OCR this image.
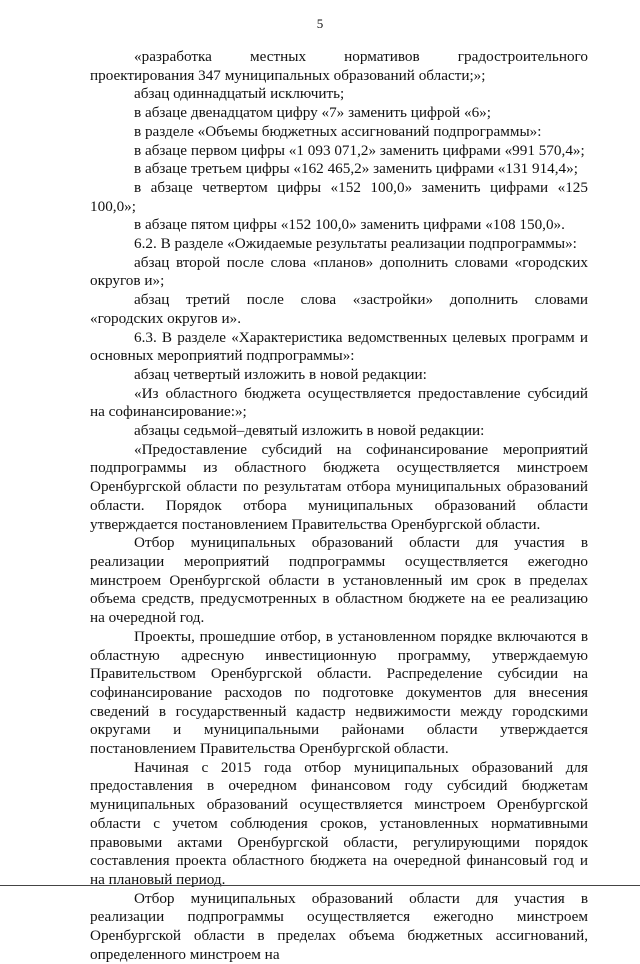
5

«разработка местных нормативов градостроительного проектирования 347 муниципальных образований области;»;

абзац одиннадцатый исключить;

в абзаце двенадцатом цифру «7» заменить цифрой «6»;

в разделе «Объемы бюджетных ассигнований подпрограммы»:

в абзаце первом цифры «1 093 071,2» заменить цифрами «991 570,4»;

в абзаце третьем цифры «162 465,2» заменить цифрами «131 914,4»;

в абзаце четвертом цифры «152 100,0» заменить цифрами «125 100,0»;

в абзаце пятом цифры «152 100,0» заменить цифрами «108 150,0».

6.2. В разделе «Ожидаемые результаты реализации подпрограммы»:

абзац второй после слова «планов» дополнить словами «городских округов и»;

абзац третий после слова «застройки» дополнить словами «городских округов и».

6.3. В разделе «Характеристика ведомственных целевых программ и основных мероприятий подпрограммы»:

абзац четвертый изложить в новой редакции:

«Из областного бюджета осуществляется предоставление субсидий на софинансирование:»;

абзацы седьмой–девятый изложить в новой редакции:

«Предоставление субсидий на софинансирование мероприятий подпрограммы из областного бюджета осуществляется минстроем Оренбургской области по результатам отбора муниципальных образований области. Порядок отбора муниципальных образований области утверждается постановлением Правительства Оренбургской области.

Отбор муниципальных образований области для участия в реализации мероприятий подпрограммы осуществляется ежегодно минстроем Оренбургской области в установленный им срок в пределах объема средств, предусмотренных в областном бюджете на ее реализацию на очередной год.

Проекты, прошедшие отбор, в установленном порядке включаются в областную адресную инвестиционную программу, утверждаемую Правительством Оренбургской области. Распределение субсидии на софинансирование расходов по подготовке документов для внесения сведений в государственный кадастр недвижимости между городскими округами и муниципальными районами области утверждается постановлением Правительства Оренбургской области.

Начиная с 2015 года отбор муниципальных образований для предоставления в очередном финансовом году субсидий бюджетам муниципальных образований осуществляется минстроем Оренбургской области с учетом соблюдения сроков, установленных нормативными правовыми актами Оренбургской области, регулирующими порядок составления проекта областного бюджета на очередной финансовый год и на плановый период.

Отбор муниципальных образований области для участия в реализации подпрограммы осуществляется ежегодно минстроем Оренбургской области в пределах объема бюджетных ассигнований, определенного минстроем на
